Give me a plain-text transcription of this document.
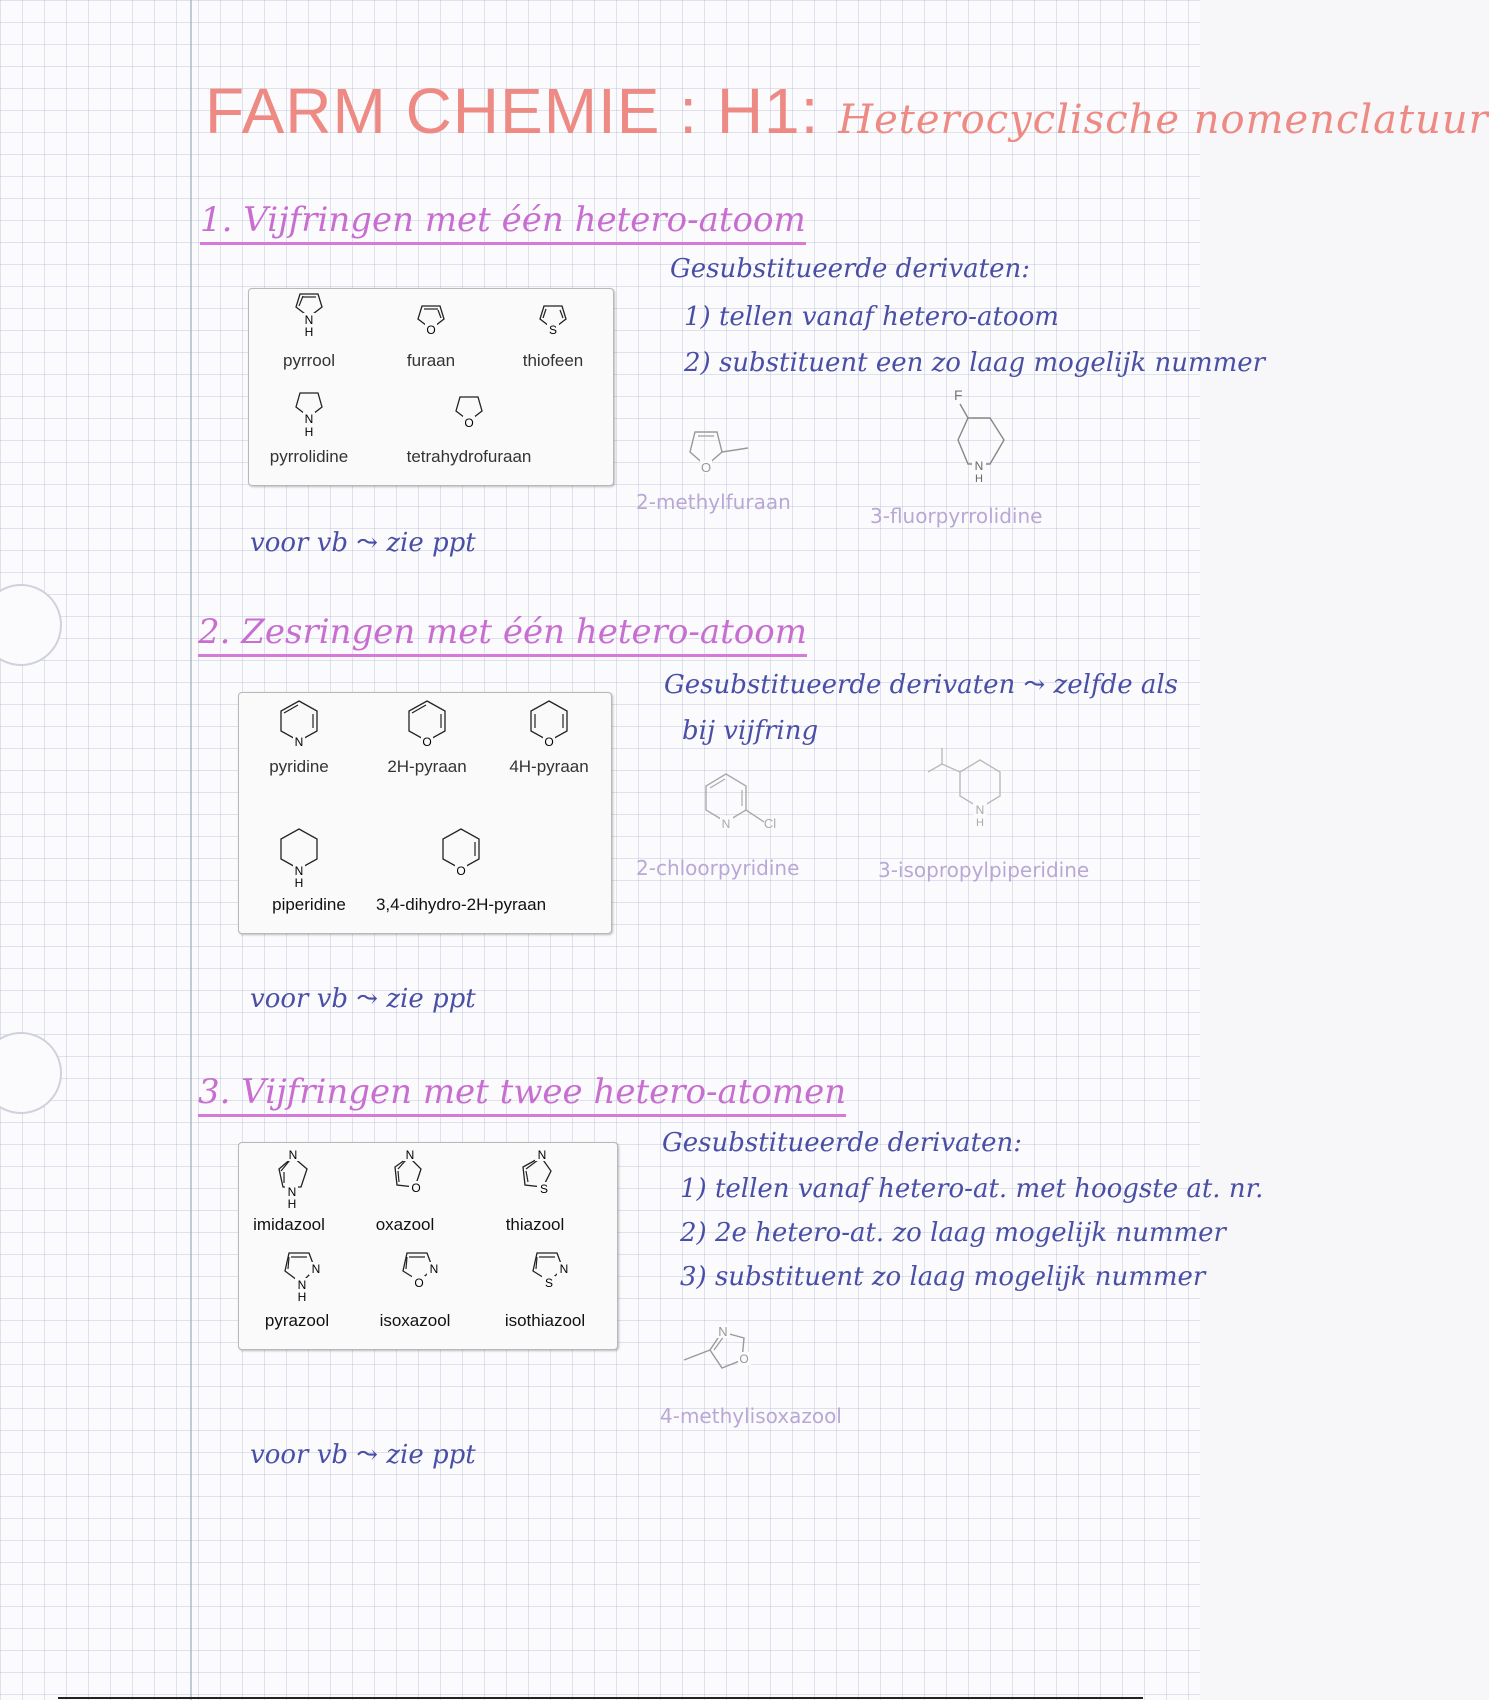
FARM CHEMIE : H1: Heterocyclische nomenclatuur
1. Vijfringen met één hetero-atoom
N
H
pyrrool
O
furaan
S
thiofeen
N
H
pyrrolidine
O
tetrahydrofuraan
Gesubstitueerde derivaten:
1) tellen vanaf hetero-atoom
2) substituent een zo laag mogelijk nummer
O
2-methylfuraan
F
N
H
3-fluorpyrrolidine
voor vb ⤳ zie ppt
2. Zesringen met één hetero-atoom
N
pyridine
O
2H-pyraan
O
4H-pyraan
N
H
piperidine
O
3,4-dihydro-2H-pyraan
Gesubstitueerde derivaten ⤳ zelfde als
bij vijfring
N	Cl
2-chloorpyridine
N
H
3-isopropylpiperidine
voor vb ⤳ zie ppt
3. Vijfringen met twee hetero-atomen
N
N
H
imidazool
N
O
oxazool
N
S
thiazool
N
N
H
pyrazool
N
O
isoxazool
N
S
isothiazool
Gesubstitueerde derivaten:
1) tellen vanaf hetero-at. met hoogste at. nr.
2) 2e hetero-at. zo laag mogelijk nummer
3) substituent zo laag mogelijk nummer
N
O
4-methylisoxazool
voor vb ⤳ zie ppt
